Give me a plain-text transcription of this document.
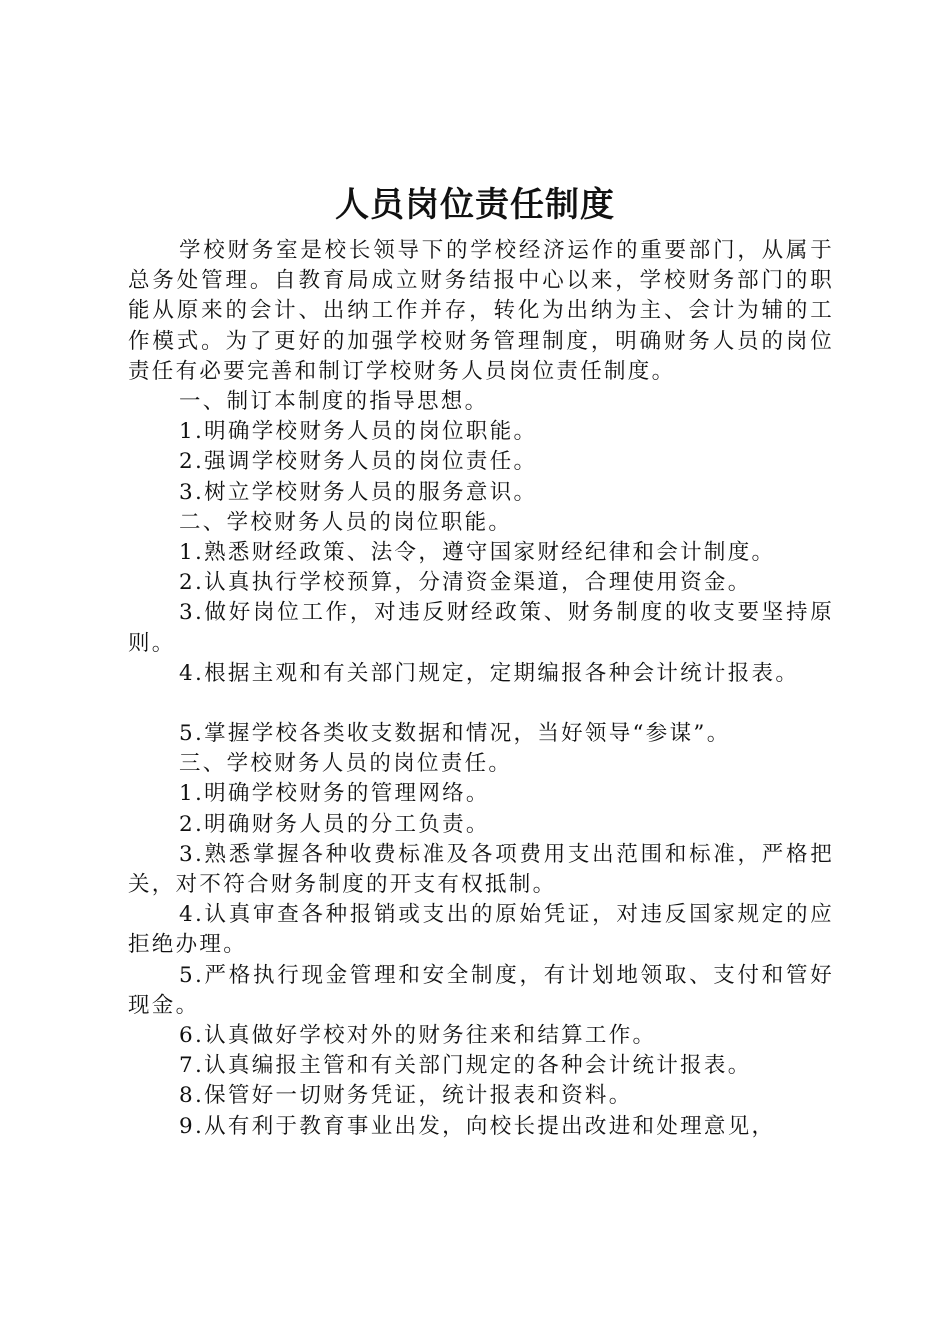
人员岗位责任制度

学校财务室是校长领导下的学校经济运作的重要部门，从属于总务处管理。自教育局成立财务结报中心以来，学校财务部门的职能从原来的会计、出纳工作并存，转化为出纳为主、会计为辅的工作模式。为了更好的加强学校财务管理制度，明确财务人员的岗位责任有必要完善和制订学校财务人员岗位责任制度。

一、制订本制度的指导思想。

1.明确学校财务人员的岗位职能。

2.强调学校财务人员的岗位责任。

3.树立学校财务人员的服务意识。

二、学校财务人员的岗位职能。

1.熟悉财经政策、法令，遵守国家财经纪律和会计制度。

2.认真执行学校预算，分清资金渠道，合理使用资金。

3.做好岗位工作，对违反财经政策、财务制度的收支要坚持原则。

4.根据主观和有关部门规定，定期编报各种会计统计报表。

5.掌握学校各类收支数据和情况，当好领导“参谋”。

三、学校财务人员的岗位责任。

1.明确学校财务的管理网络。

2.明确财务人员的分工负责。

3.熟悉掌握各种收费标准及各项费用支出范围和标准，严格把关，对不符合财务制度的开支有权抵制。

4.认真审查各种报销或支出的原始凭证，对违反国家规定的应拒绝办理。

5.严格执行现金管理和安全制度，有计划地领取、支付和管好现金。

6.认真做好学校对外的财务往来和结算工作。

7.认真编报主管和有关部门规定的各种会计统计报表。

8.保管好一切财务凭证，统计报表和资料。

9.从有利于教育事业出发，向校长提出改进和处理意见，
